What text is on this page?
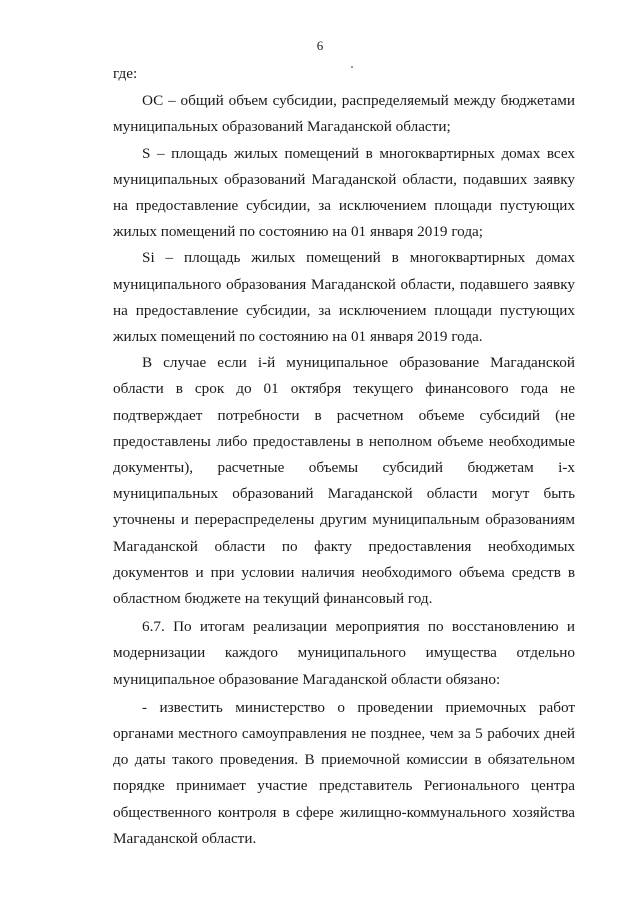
6

где:

ОС – общий объем субсидии, распределяемый между бюджетами муниципальных образований Магаданской области;

S – площадь жилых помещений в многоквартирных домах всех муниципальных образований Магаданской области, подавших заявку на предоставление субсидии, за исключением площади пустующих жилых помещений по состоянию на 01 января 2019 года;

Si – площадь жилых помещений в многоквартирных домах муниципального образования Магаданской области, подавшего заявку на предоставление субсидии, за исключением площади пустующих жилых помещений по состоянию на 01 января 2019 года.

В случае если i-й муниципальное образование Магаданской области в срок до 01 октября текущего финансового года не подтверждает потребности в расчетном объеме субсидий (не предоставлены либо предоставлены в неполном объеме необходимые документы), расчетные объемы субсидий бюджетам i-х муниципальных образований Магаданской области могут быть уточнены и перераспределены другим муниципальным образованиям Магаданской области по факту предоставления необходимых документов и при условии наличия необходимого объема средств в областном бюджете на текущий финансовый год.

6.7. По итогам реализации мероприятия по восстановлению и модернизации каждого муниципального имущества отдельно муниципальное образование Магаданской области обязано:

- известить министерство о проведении приемочных работ органами местного самоуправления не позднее, чем за 5 рабочих дней до даты такого проведения. В приемочной комиссии в обязательном порядке принимает участие представитель Регионального центра общественного контроля в сфере жилищно-коммунального хозяйства Магаданской области.
